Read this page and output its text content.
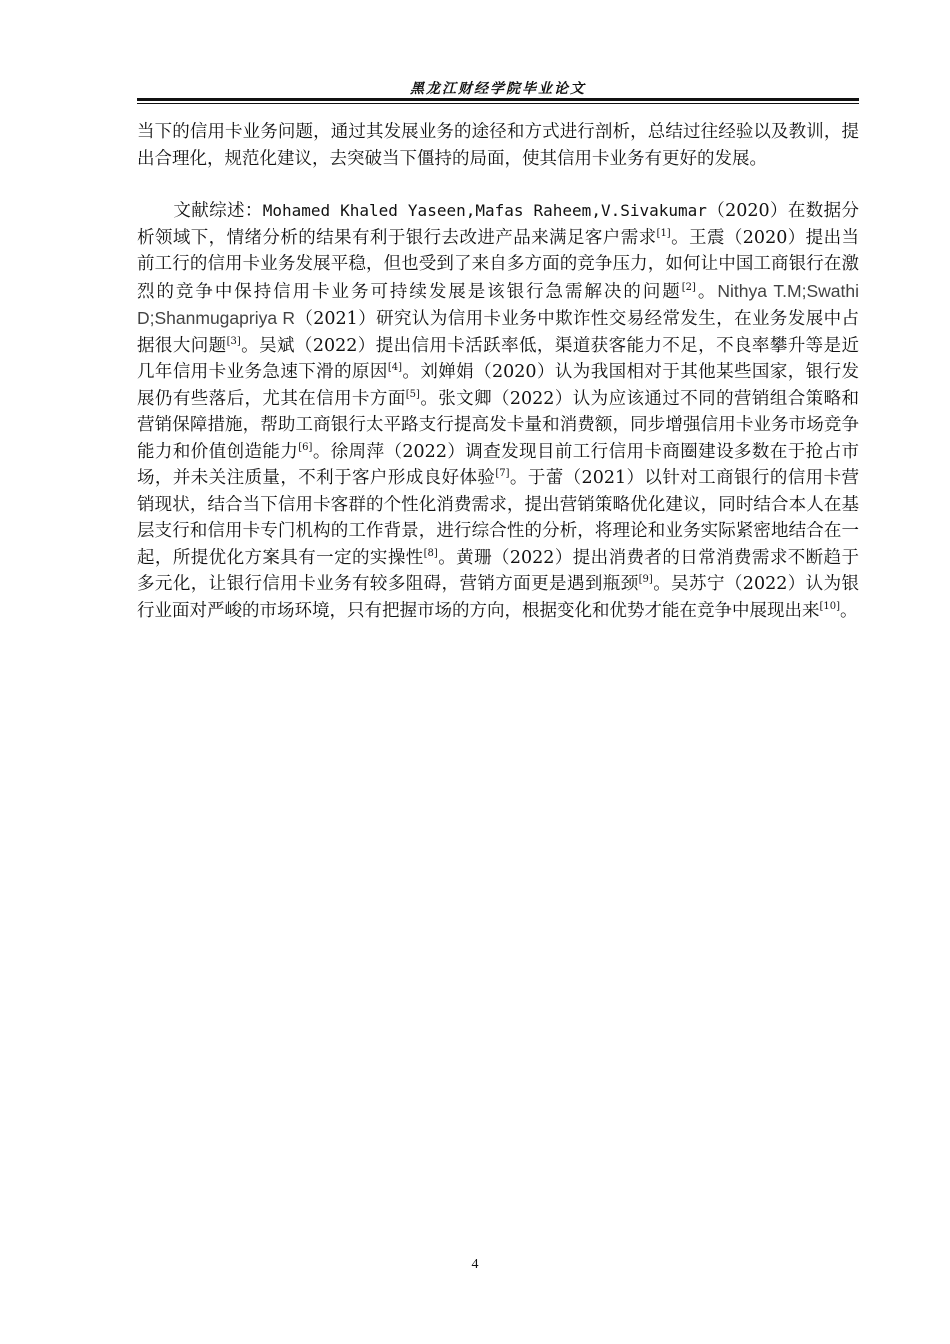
黑龙江财经学院毕业论文

当下的信用卡业务问题，通过其发展业务的途径和方式进行剖析，总结过往经验以及教训，提出合理化，规范化建议，去突破当下僵持的局面，使其信用卡业务有更好的发展。

文献综述：Mohamed Khaled Yaseen,Mafas Raheem,V.Sivakumar（2020）在数据分析领域下，情绪分析的结果有利于银行去改进产品来满足客户需求[1]。王震（2020）提出当前工行的信用卡业务发展平稳，但也受到了来自多方面的竞争压力，如何让中国工商银行在激烈的竞争中保持信用卡业务可持续发展是该银行急需解决的问题[2]。Nithya T.M;Swathi D;Shanmugapriya R（2021）研究认为信用卡业务中欺诈性交易经常发生，在业务发展中占据很大问题[3]。吴斌（2022）提出信用卡活跃率低，渠道获客能力不足，不良率攀升等是近几年信用卡业务急速下滑的原因[4]。刘婵娟（2020）认为我国相对于其他某些国家，银行发展仍有些落后，尤其在信用卡方面[5]。张文卿（2022）认为应该通过不同的营销组合策略和营销保障措施，帮助工商银行太平路支行提高发卡量和消费额，同步增强信用卡业务市场竞争能力和价值创造能力[6]。徐周萍（2022）调查发现目前工行信用卡商圈建设多数在于抢占市场，并未关注质量，不利于客户形成良好体验[7]。于蕾（2021）以针对工商银行的信用卡营销现状，结合当下信用卡客群的个性化消费需求，提出营销策略优化建议，同时结合本人在基层支行和信用卡专门机构的工作背景，进行综合性的分析，将理论和业务实际紧密地结合在一起，所提优化方案具有一定的实操性[8]。黄珊（2022）提出消费者的日常消费需求不断趋于多元化，让银行信用卡业务有较多阻碍，营销方面更是遇到瓶颈[9]。吴苏宁（2022）认为银行业面对严峻的市场环境，只有把握市场的方向，根据变化和优势才能在竞争中展现出来[10]。

4
